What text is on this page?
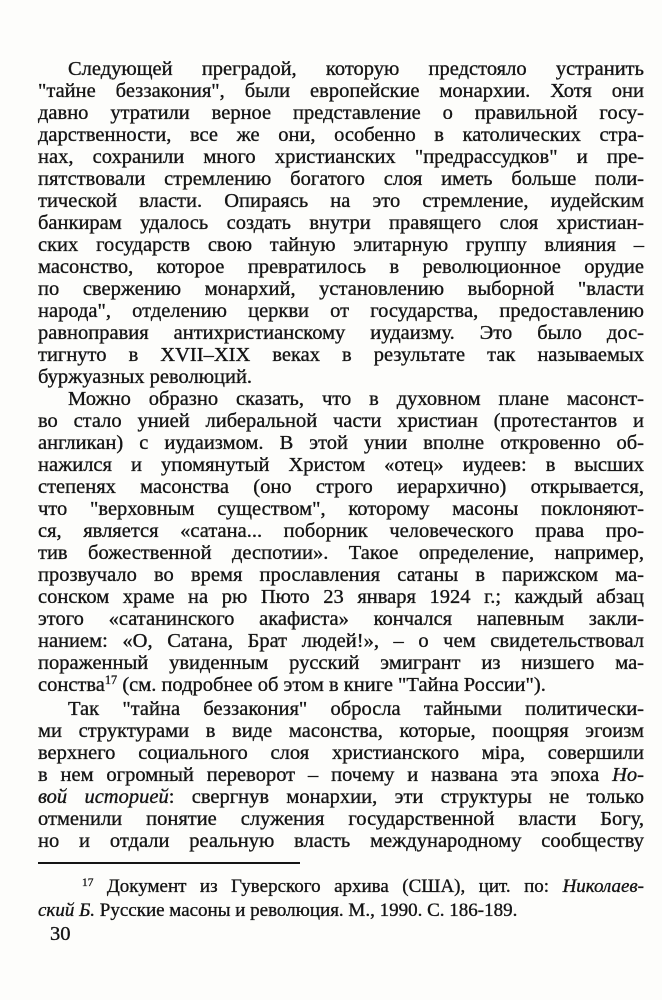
Следующей преградой, которую предстояло устранить
"тайне беззакония", были европейские монархии. Хотя они
давно утратили верное представление о правильной госу-
дарственности, все же они, особенно в католических стра-
нах, сохранили много христианских "предрассудков" и пре-
пятствовали стремлению богатого слоя иметь больше поли-
тической власти. Опираясь на это стремление, иудейским
банкирам удалось создать внутри правящего слоя христиан-
ских государств свою тайную элитарную группу влияния –
масонство, которое превратилось в революционное орудие
по свержению монархий, установлению выборной "власти
народа", отделению церкви от государства, предоставлению
равноправия антихристианскому иудаизму. Это было дос-
тигнуто в XVII–XIX веках в результате так называемых
буржуазных революций.

Можно образно сказать, что в духовном плане масонст-
во стало унией либеральной части христиан (протестантов и
англикан) с иудаизмом. В этой унии вполне откровенно об-
нажился и упомянутый Христом «отец» иудеев: в высших
степенях масонства (оно строго иерархично) открывается,
что "верховным существом", которому масоны поклоняют-
ся, является «сатана... поборник человеческого права про-
тив божественной деспотии». Такое определение, например,
прозвучало во время прославления сатаны в парижском ма-
сонском храме на рю Пюто 23 января 1924 г.; каждый абзац
этого «сатанинского акафиста» кончался напевным закли-
нанием: «О, Сатана, Брат людей!», – о чем свидетельствовал
пораженный увиденным русский эмигрант из низшего ма-
сонства$^{17}$ (см. подробнее об этом в книге "Тайна России").

Так "тайна беззакония" обросла тайными политически-
ми структурами в виде масонства, которые, поощряя эгоизм
верхнего социального слоя христианского міра, совершили
в нем огромный переворот – почему и названа эта эпоха Но-
вой историей: свергнув монархии, эти структуры не только
отменили понятие служения государственной власти Богу,
но и отдали реальную власть международному сообществу

$^{17}$ Документ из Гуверского архива (США), цит. по: Николаев-
ский Б. Русские масоны и революция. М., 1990. С. 186-189.

30
